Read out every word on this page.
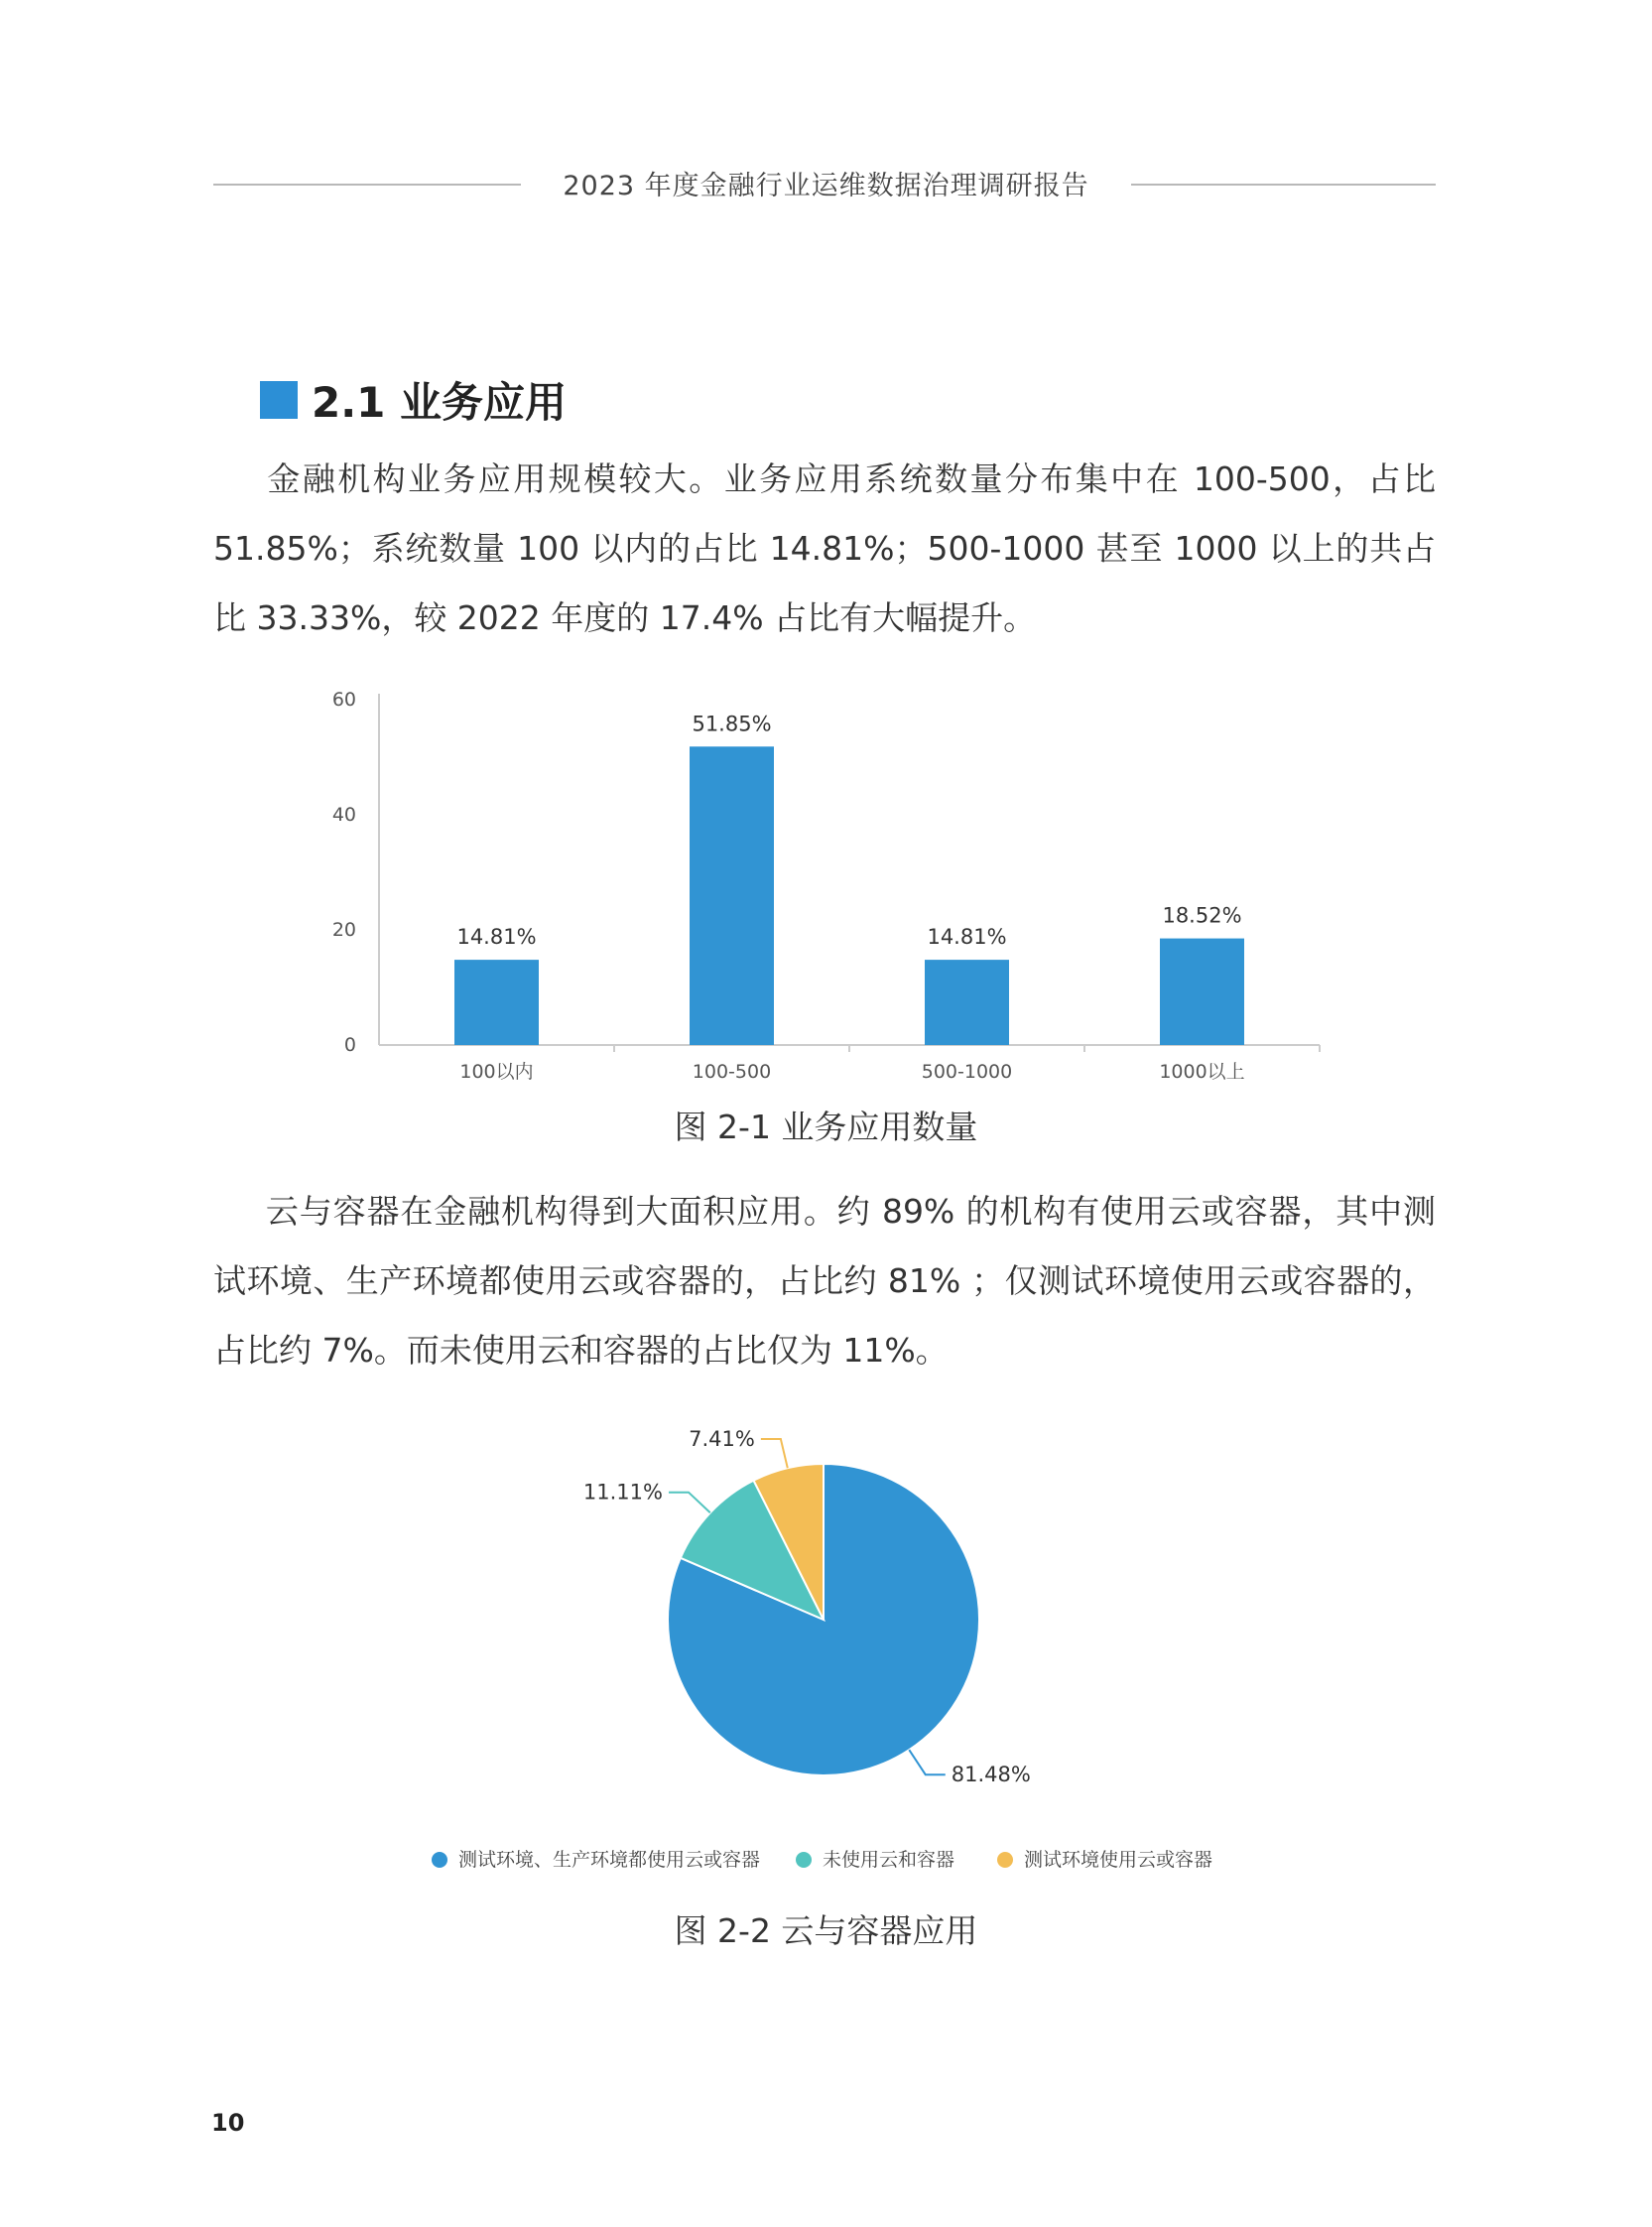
2023 年度金融行业运维数据治理调研报告
2.1 业务应用

金融机构业务应用规模较大。业务应用系统数量分布集中在 100-500，占比 51.85%；系统数量 100 以内的占比 14.81%；500-1000 甚至 1000 以上的共占比 33.33%，较 2022 年度的 17.4% 占比有大幅提升。

0
20
40
60
14.81%
100以内
51.85%
100-500
14.81%
500-1000
18.52%
1000以上
图 2-1 业务应用数量

云与容器在金融机构得到大面积应用。约 89% 的机构有使用云或容器，其中测试环境、生产环境都使用云或容器的，占比约 81% ；仅测试环境使用云或容器的，占比约 7%。而未使用云和容器的占比仅为 11%。

81.48%
11.11%
7.41%
测试环境、生产环境都使用云或容器	未使用云和容器	测试环境使用云或容器
图 2-2 云与容器应用
10
